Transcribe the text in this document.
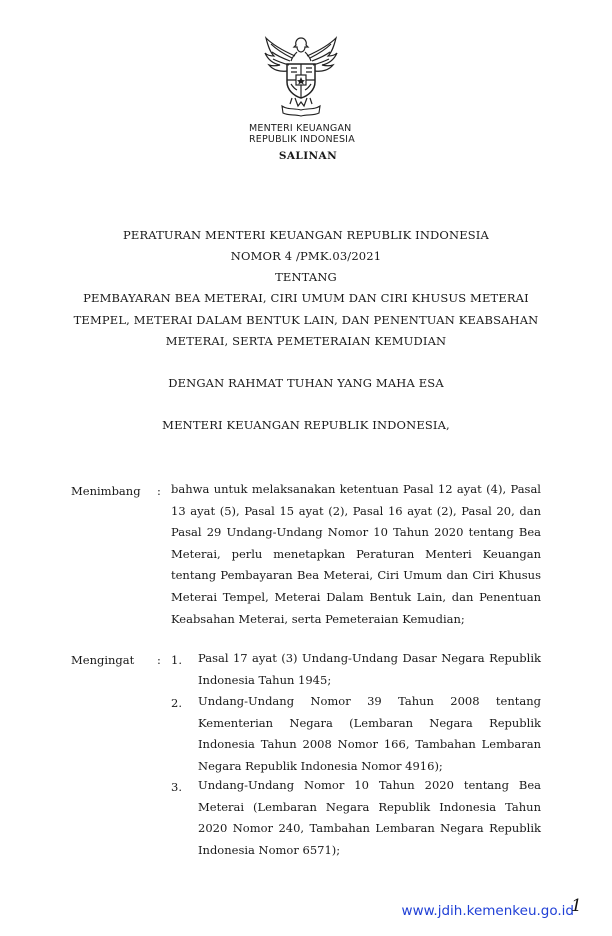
MENTERI KEUANGAN
REPUBLIK INDONESIA
SALINAN
PERATURAN MENTERI KEUANGAN REPUBLIK INDONESIA
NOMOR 4 /PMK.03/2021
TENTANG
PEMBAYARAN BEA METERAI, CIRI UMUM DAN CIRI KHUSUS METERAI
TEMPEL, METERAI DALAM BENTUK LAIN, DAN PENENTUAN KEABSAHAN
METERAI, SERTA PEMETERAIAN KEMUDIAN
DENGAN RAHMAT TUHAN YANG MAHA ESA
MENTERI KEUANGAN REPUBLIK INDONESIA,
Menimbang : bahwa untuk melaksanakan ketentuan Pasal 12 ayat (4), Pasal 13 ayat (5), Pasal 15 ayat (2), Pasal 16 ayat (2), Pasal 20, dan Pasal 29 Undang-Undang Nomor 10 Tahun 2020 tentang Bea Meterai, perlu menetapkan Peraturan Menteri Keuangan tentang Pembayaran Bea Meterai, Ciri Umum dan Ciri Khusus Meterai Tempel, Meterai Dalam Bentuk Lain, dan Penentuan Keabsahan Meterai, serta Pemeteraian Kemudian;
Mengingat : 1. Pasal 17 ayat (3) Undang-Undang Dasar Negara Republik Indonesia Tahun 1945;
2. Undang-Undang Nomor 39 Tahun 2008 tentang Kementerian Negara (Lembaran Negara Republik Indonesia Tahun 2008 Nomor 166, Tambahan Lembaran Negara Republik Indonesia Nomor 4916);
3. Undang-Undang Nomor 10 Tahun 2020 tentang Bea Meterai (Lembaran Negara Republik Indonesia Tahun 2020 Nomor 240, Tambahan Lembaran Negara Republik Indonesia Nomor 6571);
www.jdih.kemenkeu.go.id
1
